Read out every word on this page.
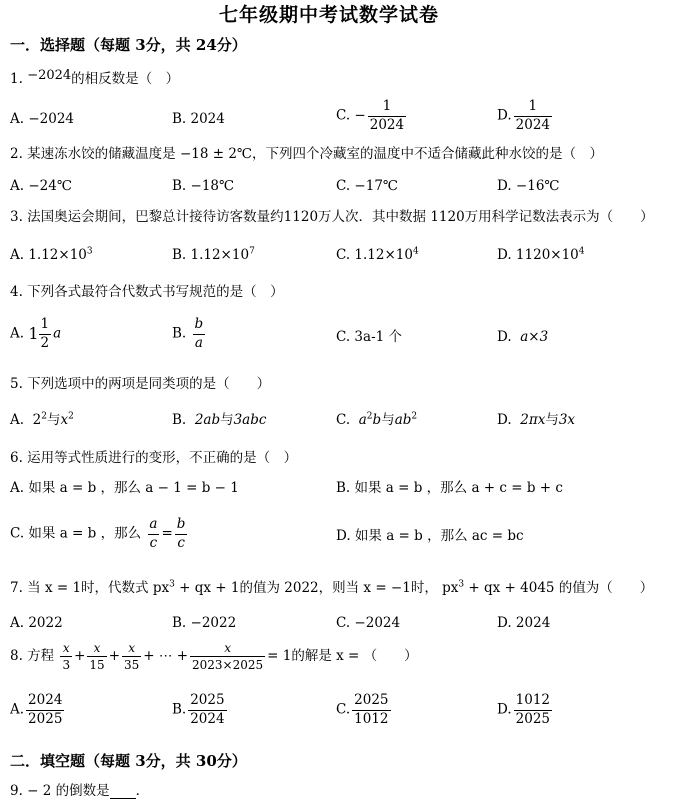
七年级期中考试数学试卷
一．选择题（每题 3分，共 24分）
1. $^{-2024}$的相反数是（　）
A. −2024	B. 2024	C. − $\frac{1}{2024}$	D. $\frac{1}{2024}$
2. 某速冻水饺的储藏温度是 −18 ± 2℃，下列四个冷藏室的温度中不适合储藏此种水饺的是（　）
A. −24℃	B. −18℃	C. −17℃	D. −16℃
3. 法国奥运会期间，巴黎总计接待访客数量约1120万人次．其中数据 1120万用科学记数法表示为（　　）
A. $1.12\times 10^3$	B. $1.12\times 10^7$	C. $1.12\times 10^4$	D. $1120\times 10^4$
4. 下列各式最符合代数式书写规范的是（　）
A. $1 \frac{1}{2}$ a	B. $\frac{b}{a}$	C. 3a-1 个	D. a×3
5. 下列选项中的两项是同类项的是（　　）
A. $2^2$与$x^2$	B. 2ab与3abc	C. $a^2b$与$ab^2$	D. 2πx与3x
6. 运用等式性质进行的变形，不正确的是（　）
A. 如果 a = b ，那么 a − 1 = b − 1	B. 如果 a = b ，那么 a + c = b + c
C. 如果 a = b ，那么 $\frac{a}{c} = \frac{b}{c}$	D. 如果 a = b ，那么 ac = bc
7. 当 x = 1时，代数式 $px^3$ + qx + 1的值为 2022，则当 x = −1时， $px^3$ + qx + 4045 的值为（　　）
A. 2022	B. −2022	C. −2024	D. 2024
8. 方程 $\frac{x}{3} + \frac{x}{15} + \frac{x}{35}$ + ⋯ + $\frac{x}{2023\times 2025} = 1$的解是 x = （　　）
A. $\frac{2024}{2025}$	B. $\frac{2025}{2024}$	C. $\frac{2025}{1012}$	D. $\frac{1012}{2025}$
二．填空题（每题 3分，共 30分）
9. − 2 的倒数是 ．
